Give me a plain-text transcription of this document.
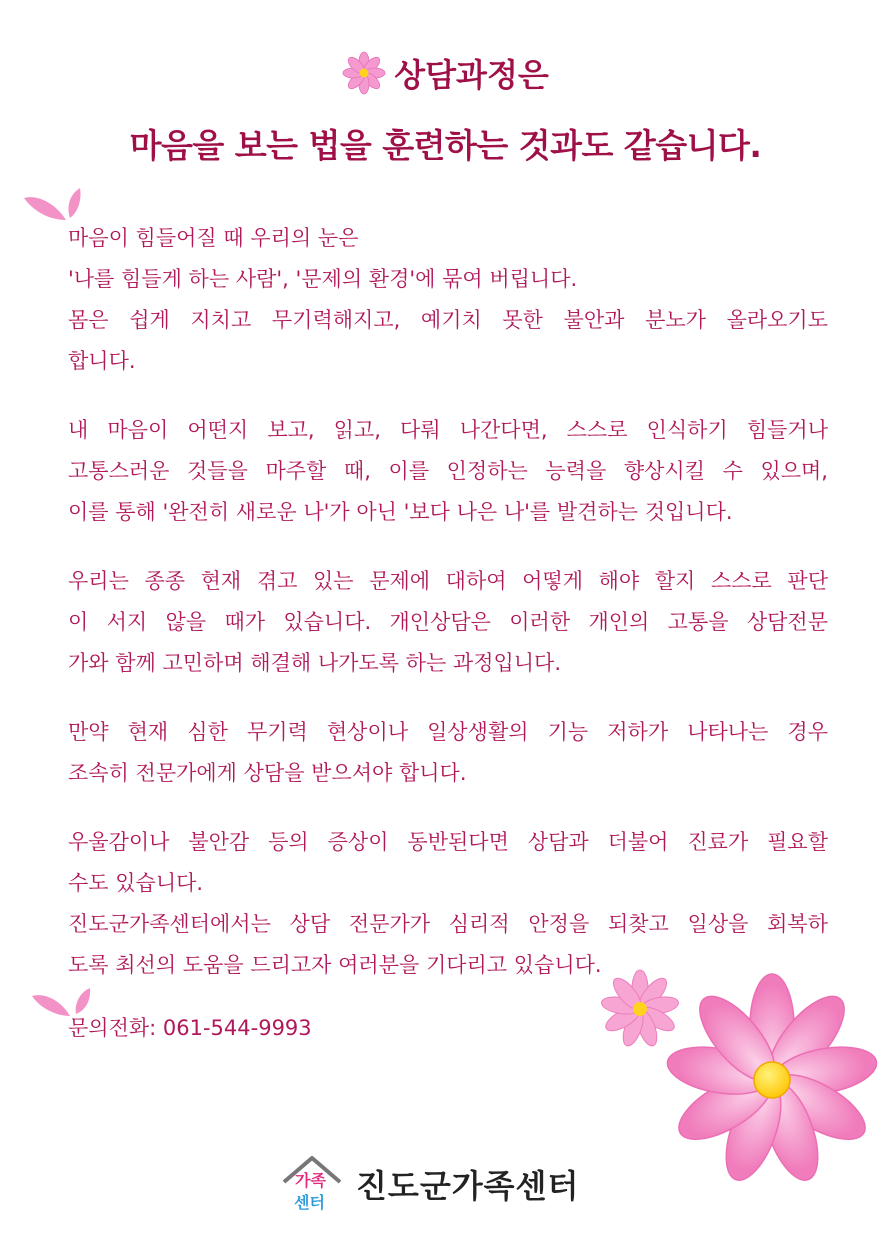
상담과정은
마음을 보는 법을 훈련하는 것과도 같습니다.
마음이 힘들어질 때 우리의 눈은
'나를 힘들게 하는 사람', '문제의 환경'에 묶여 버립니다.
몸은 쉽게 지치고 무기력해지고, 예기치 못한 불안과 분노가 올라오기도
합니다.
내 마음이 어떤지 보고, 읽고, 다뤄 나간다면, 스스로 인식하기 힘들거나
고통스러운 것들을 마주할 때, 이를 인정하는 능력을 향상시킬 수 있으며,
이를 통해 '완전히 새로운 나'가 아닌 '보다 나은 나'를 발견하는 것입니다.
우리는 종종 현재 겪고 있는 문제에 대하여 어떻게 해야 할지 스스로 판단
이 서지 않을 때가 있습니다. 개인상담은 이러한 개인의 고통을 상담전문
가와 함께 고민하며 해결해 나가도록 하는 과정입니다.
만약 현재 심한 무기력 현상이나 일상생활의 기능 저하가 나타나는 경우
조속히 전문가에게 상담을 받으셔야 합니다.
우울감이나 불안감 등의 증상이 동반된다면 상담과 더불어 진료가 필요할
수도 있습니다.
진도군가족센터에서는 상담 전문가가 심리적 안정을 되찾고 일상을 회복하
도록 최선의 도움을 드리고자 여러분을 기다리고 있습니다.
문의전화: 061-544-9993
가족
센터 진도군가족센터
